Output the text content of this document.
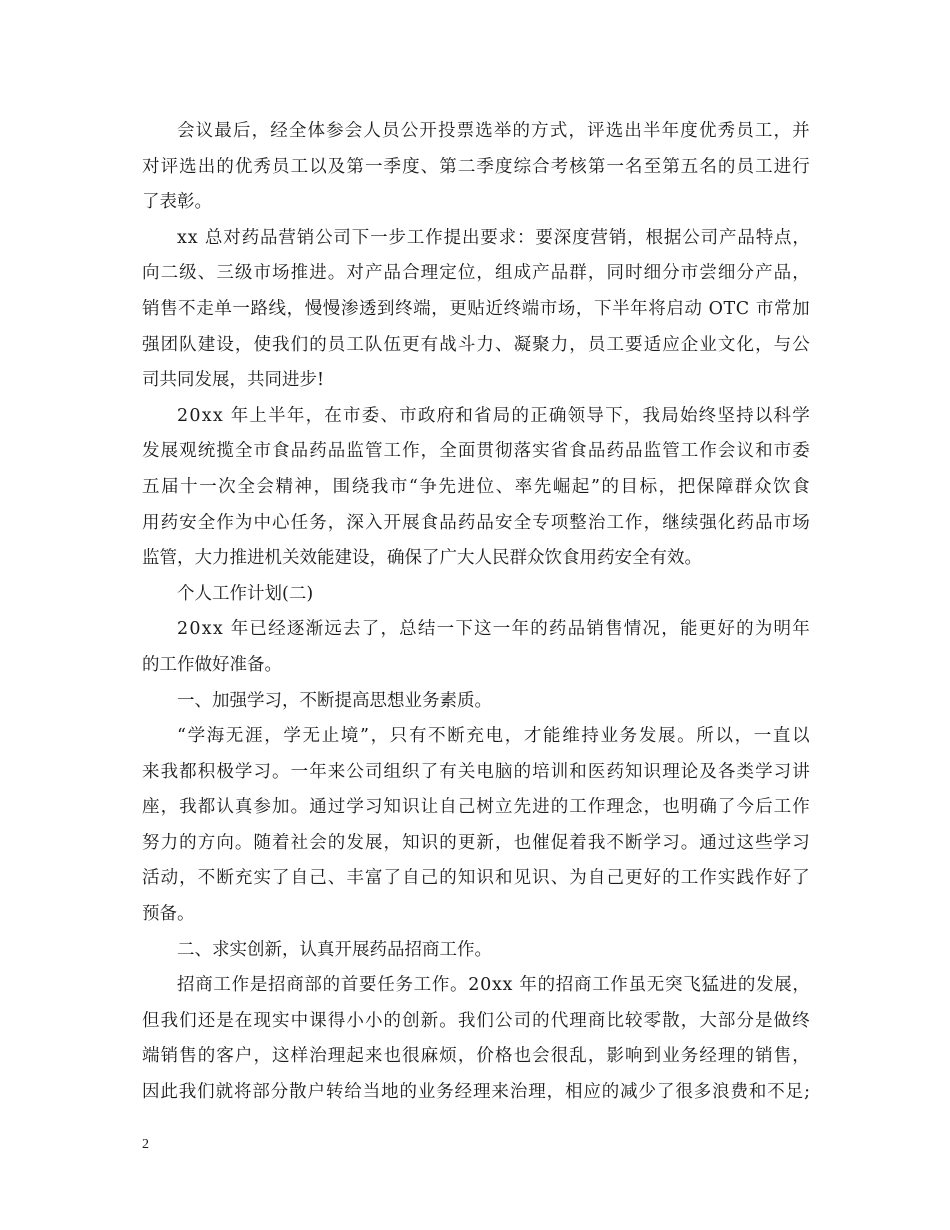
会 议 最 后 ， 经 全 体 参 会 人 员 公 开 投 票 选 举 的 方 式 ， 评 选 出 半 年 度 优 秀 员 工 ， 并
对 评 选 出 的 优 秀 员 工 以 及 第 一 季 度 、 第 二 季 度 综 合 考 核 第 一 名 至 第 五 名 的 员 工 进 行
了表彰。
x x
总 对 药 品 营 销 公 司 下 一 步 工 作 提 出 要 求 ： 要 深 度 营 销 ， 根 据 公 司 产 品 特 点 ，
向 二 级 、 三 级 市 场 推 进 。 对 产 品 合 理 定 位 ， 组 成 产 品 群 ， 同 时 细 分 市 尝 细 分 产 品 ，
销 售 不 走 单 一 路 线 ， 慢 慢 渗 透 到 终 端 ， 更 贴 近 终 端 市 场 ， 下 半 年 将 启 动
O T C
市 常 加
强 团 队 建 设 ， 使 我 们 的 员 工 队 伍 更 有 战 斗 力 、 凝 聚 力 ， 员 工 要 适 应 企 业 文 化 ， 与 公
司共同发展，共同进步!
2 0 x x
年 上 半 年 ， 在 市 委 、 市 政 府 和 省 局 的 正 确 领 导 下 ， 我 局 始 终 坚 持 以 科 学
发 展 观 统 揽 全 市 食 品 药 品 监 管 工 作 ， 全 面 贯 彻 落 实 省 食 品 药 品 监 管 工 作 会 议 和 市 委
五 届 十 一 次 全 会 精 神 ， 围 绕 我 市 “ 争 先 进 位 、 率 先 崛 起 ” 的 目 标 ， 把 保 障 群 众 饮 食
用 药 安 全 作 为 中 心 任 务 ， 深 入 开 展 食 品 药 品 安 全 专 项 整 治 工 作 ， 继 续 强 化 药 品 市 场
监管，大力推进机关效能建设，确保了广大人民群众饮食用药安全有效。
个人工作计划(二)
2 0 x x
年 已 经 逐 渐 远 去 了 ， 总 结 一 下 这 一 年 的 药 品 销 售 情 况 ， 能 更 好 的 为 明 年
的工作做好准备。
一、加强学习，不断提高思想业务素质。
“ 学 海 无 涯 ， 学 无 止 境 ” ， 只 有 不 断 充 电 ， 才 能 维 持 业 务 发 展 。 所 以 ， 一 直 以
来 我 都 积 极 学 习 。 一 年 来 公 司 组 织 了 有 关 电 脑 的 培 训 和 医 药 知 识 理 论 及 各 类 学 习 讲
座 ， 我 都 认 真 参 加 。 通 过 学 习 知 识 让 自 己 树 立 先 进 的 工 作 理 念 ， 也 明 确 了 今 后 工 作
努 力 的 方 向 。 随 着 社 会 的 发 展 ， 知 识 的 更 新 ， 也 催 促 着 我 不 断 学 习 。 通 过 这 些 学 习
活 动 ， 不 断 充 实 了 自 己 、 丰 富 了 自 己 的 知 识 和 见 识 、 为 自 己 更 好 的 工 作 实 践 作 好 了
预备。
二、求实创新，认真开展药品招商工作。
招 商 工 作 是 招 商 部 的 首 要 任 务 工 作 。 2 0 x x
年 的 招 商 工 作 虽 无 突 飞 猛 进 的 发 展 ，
但 我 们 还 是 在 现 实 中 课 得 小 小 的 创 新 。 我 们 公 司 的 代 理 商 比 较 零 散 ， 大 部 分 是 做 终
端 销 售 的 客 户 ， 这 样 治 理 起 来 也 很 麻 烦 ， 价 格 也 会 很 乱 ， 影 响 到 业 务 经 理 的 销 售 ，
因 此 我 们 就 将 部 分 散 户 转 给 当 地 的 业 务 经 理 来 治 理 ， 相 应 的 减 少 了 很 多 浪 费 和 不 足 ;
2
